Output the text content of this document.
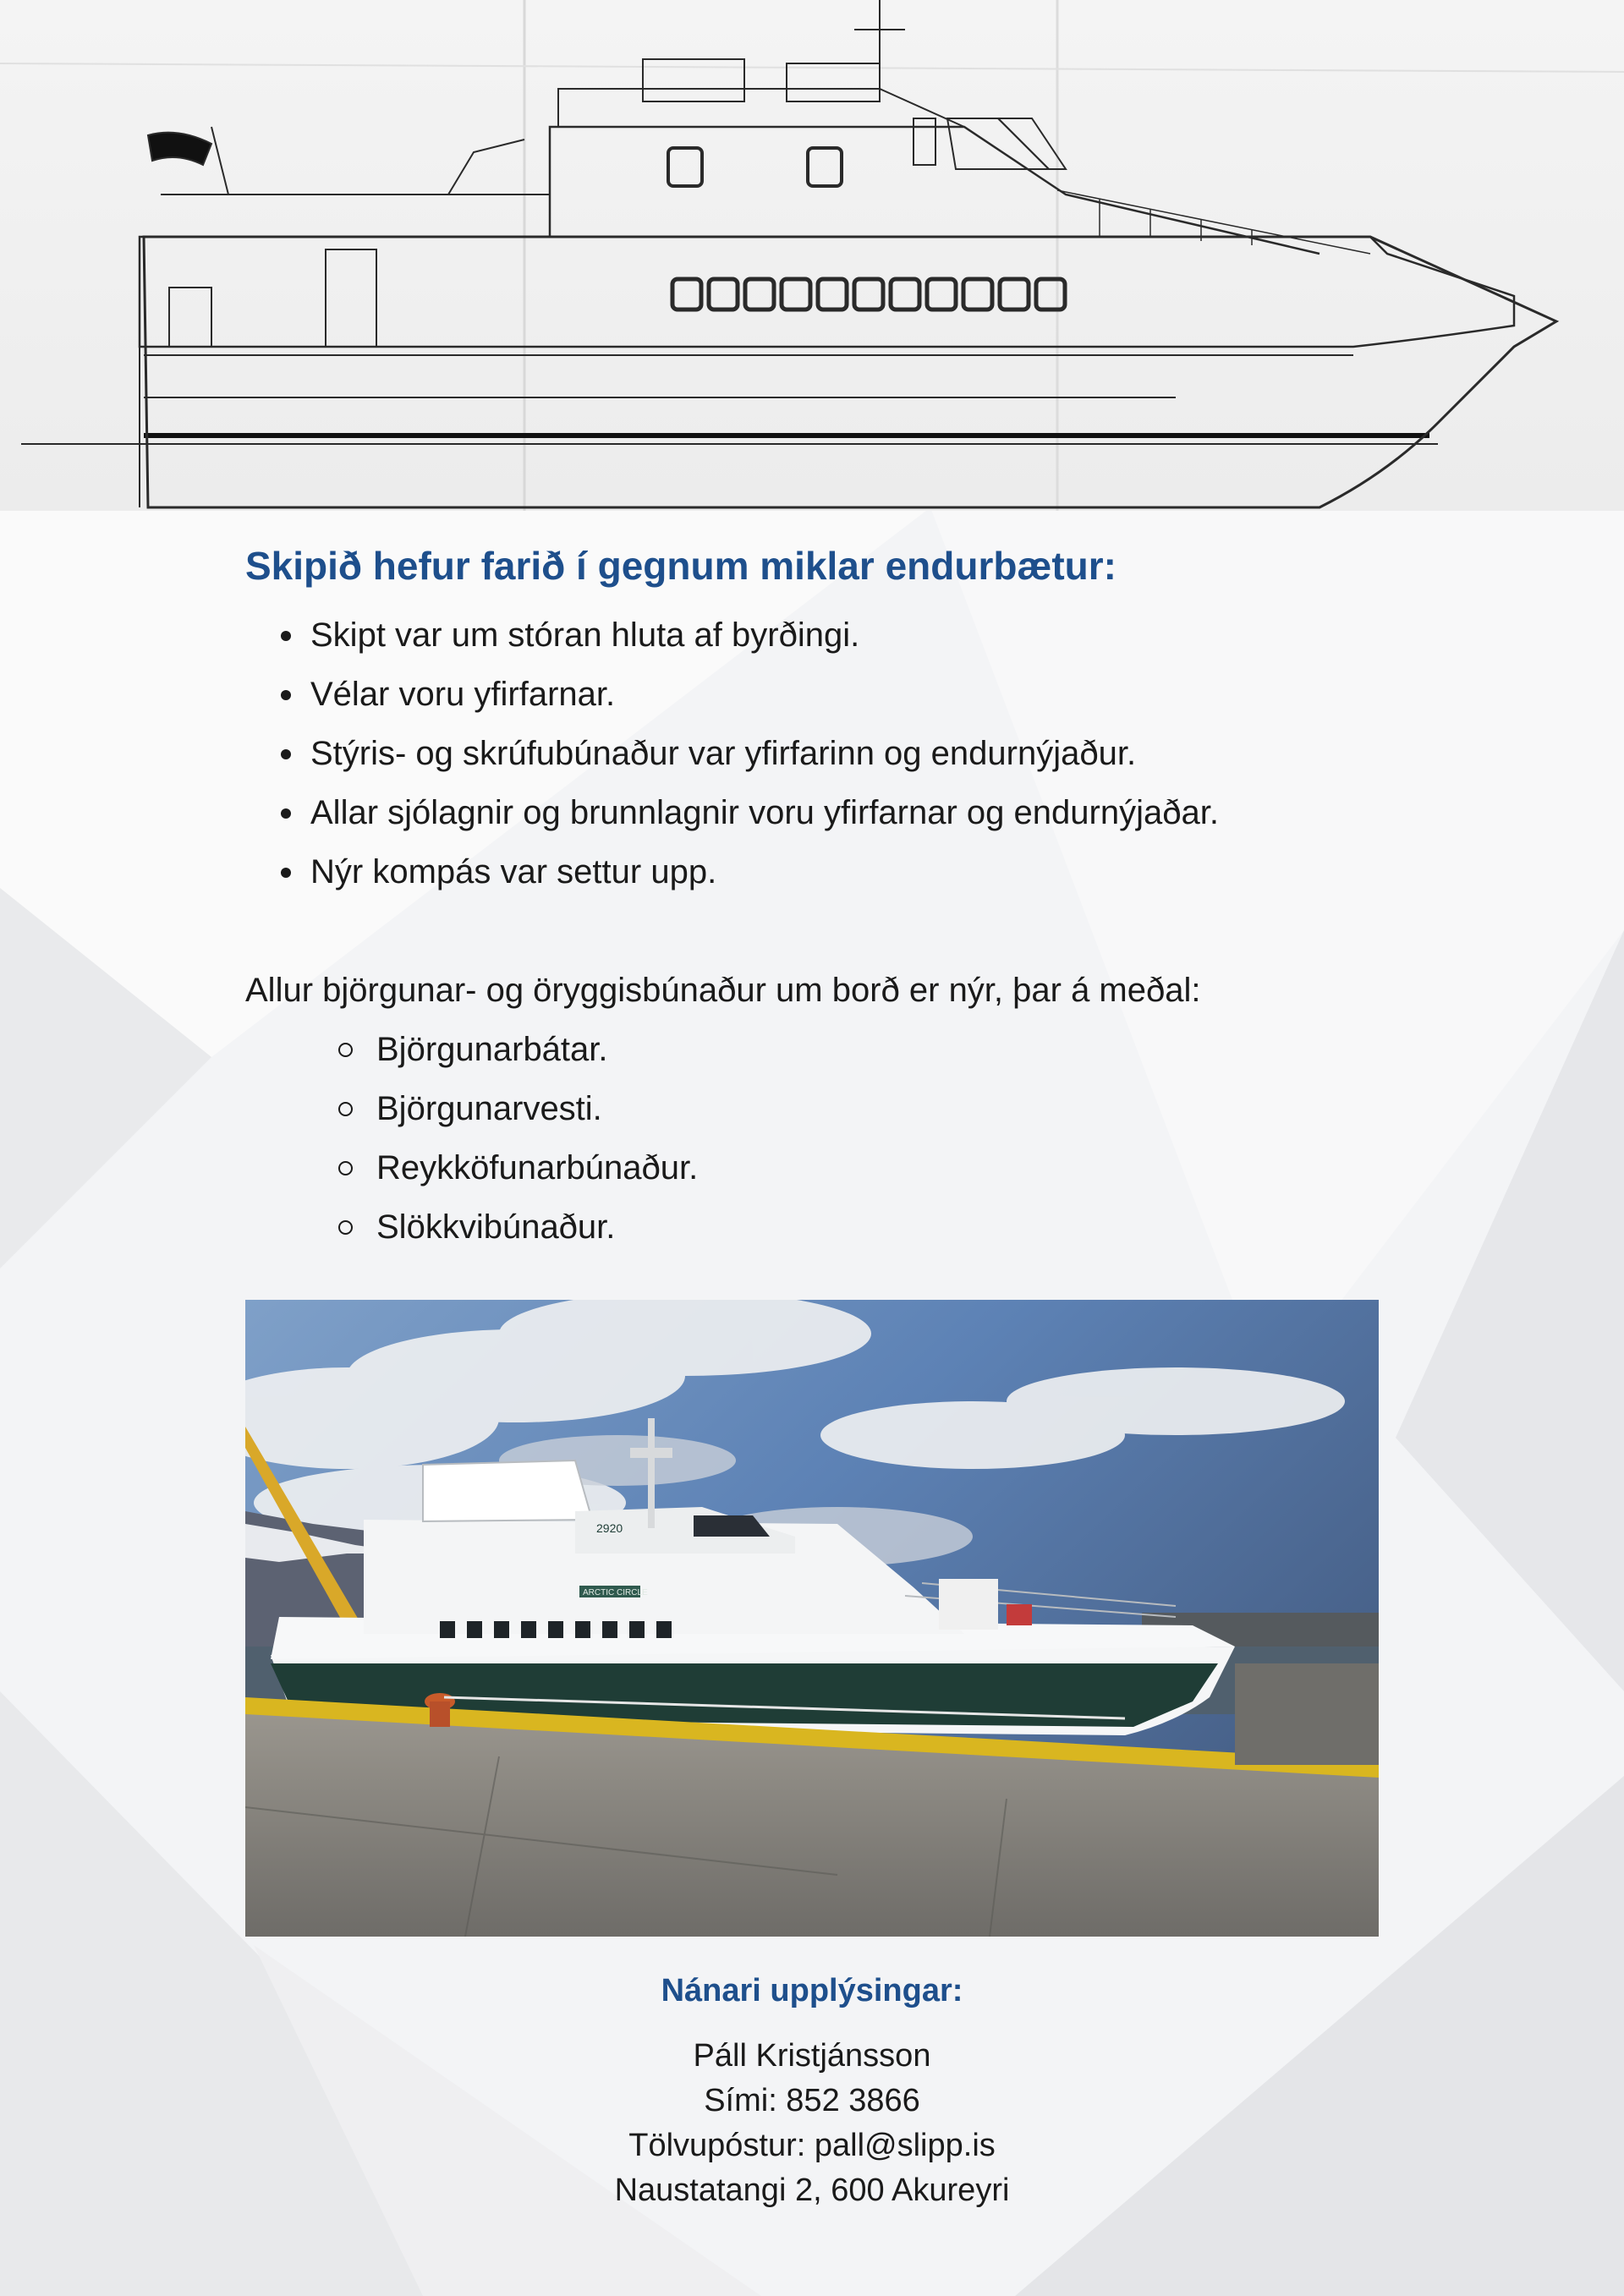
Skipið hefur farið í gegnum miklar endurbætur:
Skipt var um stóran hluta af byrðingi.
Vélar voru yfirfarnar.
Stýris- og skrúfubúnaður var yfirfarinn og endurnýjaður.
Allar sjólagnir og brunnlagnir voru yfirfarnar og endurnýjaðar.
Nýr kompás var settur upp.
Allur björgunar- og öryggisbúnaður um borð er nýr, þar á meðal:
Björgunarbátar.
Björgunarvesti.
Reykköfunarbúnaður.
Slökkvibúnaður.
2920
ARCTIC CIRCLE
Nánari upplýsingar:
Páll Kristjánsson
Sími: 852 3866
Tölvupóstur: pall@slipp.is
Naustatangi 2, 600 Akureyri
